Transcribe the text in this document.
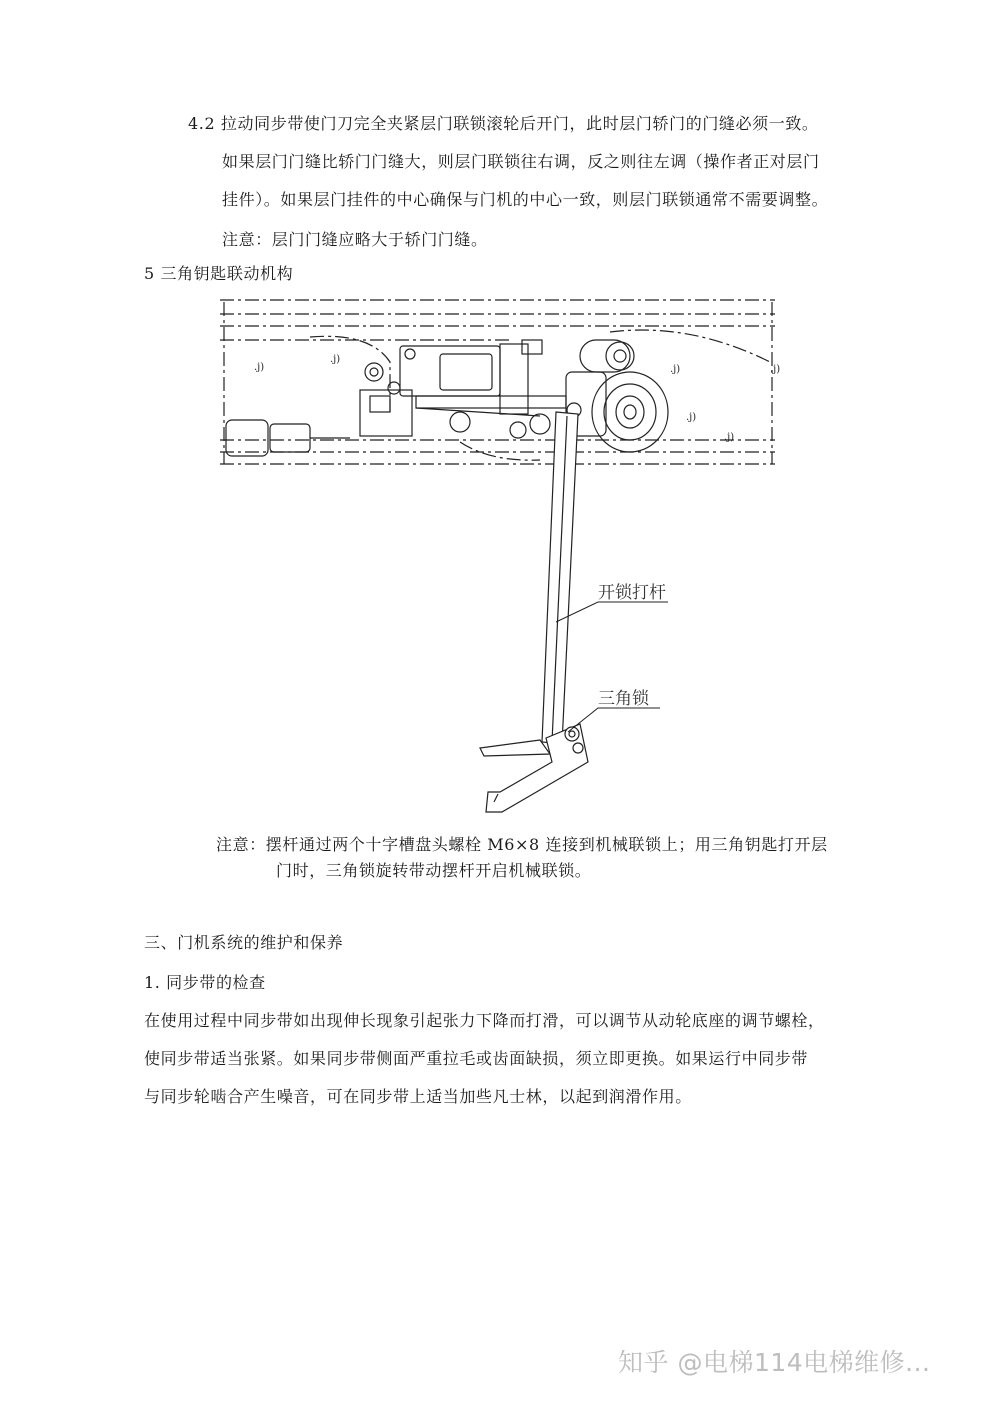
4.2 拉动同步带使门刀完全夹紧层门联锁滚轮后开门，此时层门轿门的门缝必须一致。
如果层门门缝比轿门门缝大，则层门联锁往右调，反之则往左调（操作者正对层门
挂件）。如果层门挂件的中心确保与门机的中心一致，则层门联锁通常不需要调整。
注意：层门门缝应略大于轿门门缝。
5 三角钥匙联动机构
.j)
.j)
.j)
.j)
.j)
.j)
开锁打杆
三角锁
注意：摆杆通过两个十字槽盘头螺栓 M6×8 连接到机械联锁上；用三角钥匙打开层
门时，三角锁旋转带动摆杆开启机械联锁。
三、门机系统的维护和保养
1. 同步带的检查
在使用过程中同步带如出现伸长现象引起张力下降而打滑，可以调节从动轮底座的调节螺栓，
使同步带适当张紧。如果同步带侧面严重拉毛或齿面缺损，须立即更换。如果运行中同步带
与同步轮啮合产生噪音，可在同步带上适当加些凡士林，以起到润滑作用。
知乎 @电梯114电梯维修...
